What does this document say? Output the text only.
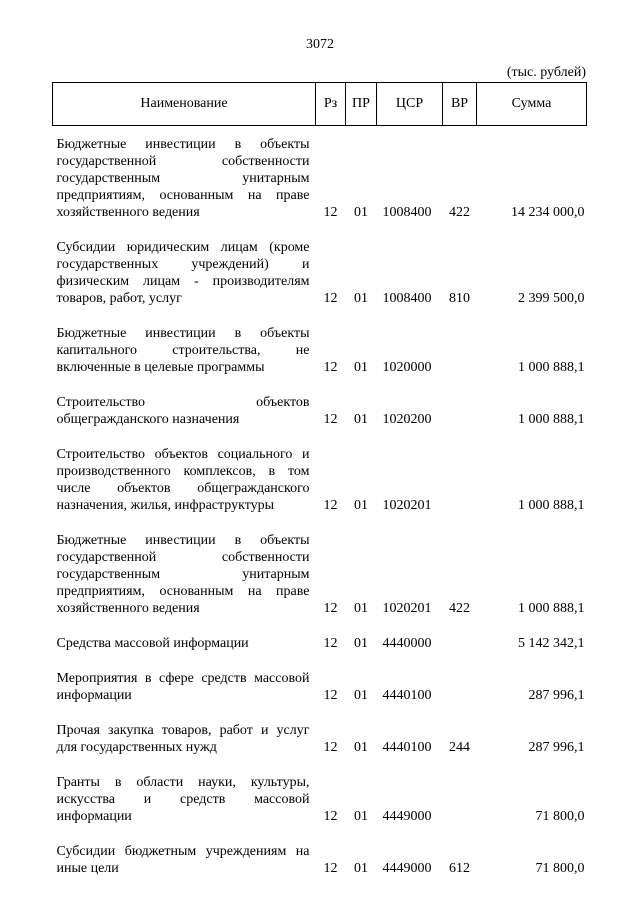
3072
(тыс. рублей)
Наименование	Рз	ПР	ЦСР	ВР	Сумма
Бюджетные инвестиции в объекты государственной собственности государственным унитарным предприятиям, основанным на праве хозяйственного ведения	12	01	1008400	422	14 234 000,0

Субсидии юридическим лицам (кроме государственных учреждений) и физическим лицам - производителям товаров, работ, услуг	12	01	1008400	810	2 399 500,0

Бюджетные инвестиции в объекты капитального строительства, не включенные в целевые программы	12	01	1020000		1 000 888,1

Строительство объектов общегражданского назначения	12	01	1020200		1 000 888,1

Строительство объектов социального и производственного комплексов, в том числе объектов общегражданского назначения, жилья, инфраструктуры	12	01	1020201		1 000 888,1

Бюджетные инвестиции в объекты государственной собственности государственным унитарным предприятиям, основанным на праве хозяйственного ведения	12	01	1020201	422	1 000 888,1

Средства массовой информации	12	01	4440000		5 142 342,1

Мероприятия в сфере средств массовой информации	12	01	4440100		287 996,1

Прочая закупка товаров, работ и услуг для государственных нужд	12	01	4440100	244	287 996,1

Гранты в области науки, культуры, искусства и средств массовой информации	12	01	4449000		71 800,0

Субсидии бюджетным учреждениям на иные цели	12	01	4449000	612	71 800,0
